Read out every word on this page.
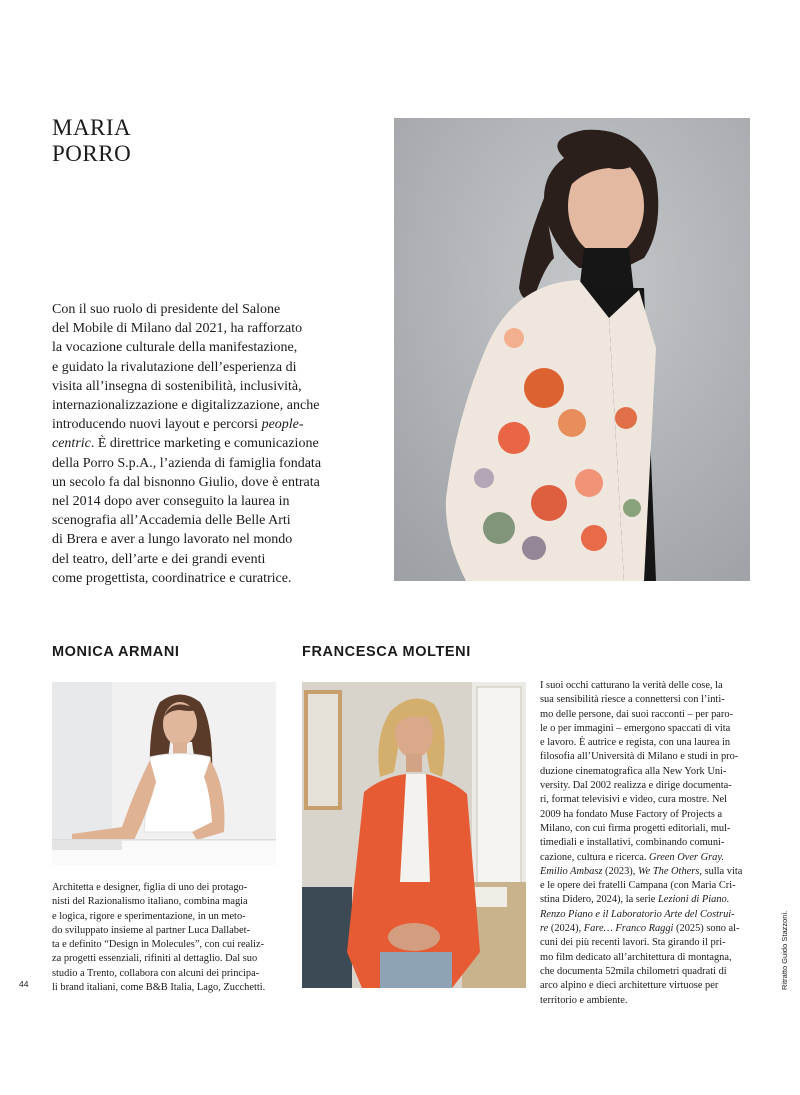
MARIA
PORRO
Con il suo ruolo di presidente del Salone
del Mobile di Milano dal 2021, ha rafforzato
la vocazione culturale della manifestazione,
e guidato la rivalutazione dell’esperienza di
visita all’insegna di sostenibilità, inclusività,
internazionalizzazione e digitalizzazione, anche
introducendo nuovi layout e percorsi people-
centric. È direttrice marketing e comunicazione
della Porro S.p.A., l’azienda di famiglia fondata
un secolo fa dal bisnonno Giulio, dove è entrata
nel 2014 dopo aver conseguito la laurea in
scenografia all’Accademia delle Belle Arti
di Brera e aver a lungo lavorato nel mondo
del teatro, dell’arte e dei grandi eventi
come progettista, coordinatrice e curatrice.
MONICA ARMANI
Architetta e designer, figlia di uno dei protago-
nisti del Razionalismo italiano, combina magia
e logica, rigore e sperimentazione, in un meto-
do sviluppato insieme al partner Luca Dallabet-
ta e definito “Design in Molecules”, con cui realiz-
za progetti essenziali, rifiniti al dettaglio. Dal suo
studio a Trento, collabora con alcuni dei principa-
li brand italiani, come B&B Italia, Lago, Zucchetti.
FRANCESCA MOLTENI
I suoi occhi catturano la verità delle cose, la
sua sensibilità riesce a connettersi con l’inti-
mo delle persone, dai suoi racconti – per paro-
le o per immagini – emergono spaccati di vita
e lavoro. È autrice e regista, con una laurea in
filosofia all’Università di Milano e studi in pro-
duzione cinematografica alla New York Uni-
versity. Dal 2002 realizza e dirige documenta-
ri, format televisivi e video, cura mostre. Nel
2009 ha fondato Muse Factory of Projects a
Milano, con cui firma progetti editoriali, mul-
timediali e installativi, combinando comuni-
cazione, cultura e ricerca. Green Over Gray.
Emilio Ambasz (2023), We The Others, sulla vita
e le opere dei fratelli Campana (con Maria Cri-
stina Didero, 2024), la serie Lezioni di Piano.
Renzo Piano e il Laboratorio Arte del Costrui-
re (2024), Fare… Franco Raggi (2025) sono al-
cuni dei più recenti lavori. Sta girando il pri-
mo film dedicato all’architettura di montagna,
che documenta 52mila chilometri quadrati di
arco alpino e dieci architetture virtuose per
territorio e ambiente.
44	Ritratto Guido Stazzoni.
